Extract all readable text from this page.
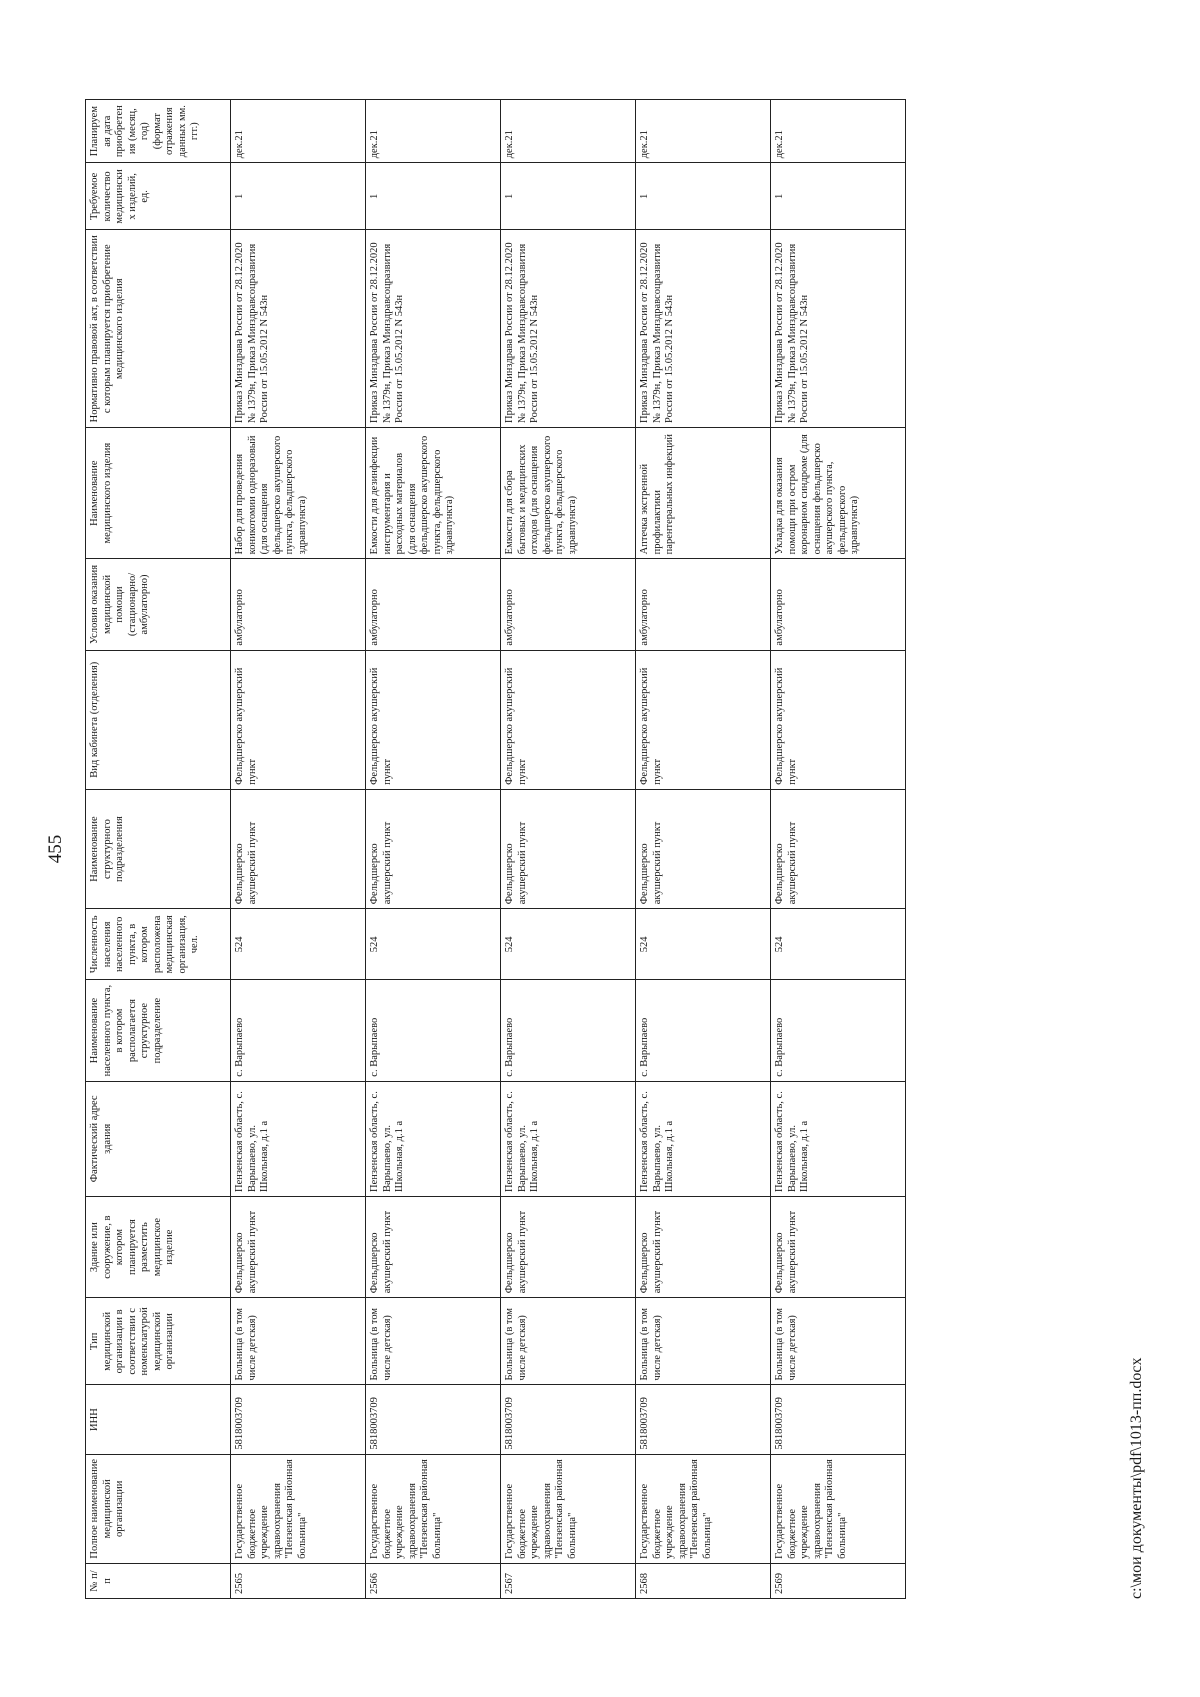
455
№ п/п	Полное наименование медицинской организации	ИНН	Тип медицинской организации в соответствии с номенклатурой медицинской организации	Здание или сооружение, в котором планируется разместить медицинское изделие	Фактический адрес здания	Наименование населенного пункта, в котором располагается структурное подразделение	Численность населения населенного пункта, в котором расположена медицинская организация, чел.	Наименование структурного подразделения	Вид кабинета (отделения)	Условия оказания медицинской помощи (стационарно/ амбулаторно)	Наименование медицинского изделия	Нормативно правовой акт, в соответствии с которым планируется приобретение медицинского изделия	Требуемое количество медицинских изделий, ед.	Планируемая дата приобретения (месяц, год) (формат отражения данных мм. ггг.)
2565	Государственное бюджетное учреждение здравоохранения "Пензенская районная больница"	5818003709	Больница (в том числе детская)	Фельдшерско акушерский пункт	Пензенская область, с. Варыпаево, ул. Школьная, д.1 а	с. Варыпаево	524	Фельдшерско акушерский пункт	Фельдшерско акушерский пункт	амбулаторно	Набор для проведения коникотомии одноразовый (для оснащения фельдшерско акушерского пункта, фельдшерского здравпункта)	Приказ Минздрава России от 28.12.2020 № 1379н, Приказ Минздравсоцразвития России от 15.05.2012 N 543н	1	дек.21
2566	Государственное бюджетное учреждение здравоохранения "Пензенская районная больница"	5818003709	Больница (в том числе детская)	Фельдшерско акушерский пункт	Пензенская область, с. Варыпаево, ул. Школьная, д.1 а	с. Варыпаево	524	Фельдшерско акушерский пункт	Фельдшерско акушерский пункт	амбулаторно	Емкости для дезинфекции инструментария и расходных материалов (для оснащения фельдшерско акушерского пункта, фельдшерского здравпункта)	Приказ Минздрава России от 28.12.2020 № 1379н, Приказ Минздравсоцразвития России от 15.05.2012 N 543н	1	дек.21
2567	Государственное бюджетное учреждение здравоохранения "Пензенская районная больница"	5818003709	Больница (в том числе детская)	Фельдшерско акушерский пункт	Пензенская область, с. Варыпаево, ул. Школьная, д.1 а	с. Варыпаево	524	Фельдшерско акушерский пункт	Фельдшерско акушерский пункт	амбулаторно	Емкости для сбора бытовых и медицинских отходов (для оснащения фельдшерско акушерского пункта, фельдшерского здравпункта)	Приказ Минздрава России от 28.12.2020 № 1379н, Приказ Минздравсоцразвития России от 15.05.2012 N 543н	1	дек.21
2568	Государственное бюджетное учреждение здравоохранения "Пензенская районная больница"	5818003709	Больница (в том числе детская)	Фельдшерско акушерский пункт	Пензенская область, с. Варыпаево, ул. Школьная, д.1 а	с. Варыпаево	524	Фельдшерско акушерский пункт	Фельдшерско акушерский пункт	амбулаторно	Аптечка экстренной профилактики парентеральных инфекций	Приказ Минздрава России от 28.12.2020 № 1379н, Приказ Минздравсоцразвития России от 15.05.2012 N 543н	1	дек.21
2569	Государственное бюджетное учреждение здравоохранения "Пензенская районная больница"	5818003709	Больница (в том числе детская)	Фельдшерско акушерский пункт	Пензенская область, с. Варыпаево, ул. Школьная, д.1 а	с. Варыпаево	524	Фельдшерско акушерский пункт	Фельдшерско акушерский пункт	амбулаторно	Укладка для оказания помощи при остром коронарном синдроме (для оснащения фельдшерско акушерского пункта, фельдшерского здравпункта)	Приказ Минздрава России от 28.12.2020 № 1379н, Приказ Минздравсоцразвития России от 15.05.2012 N 543н	1	дек.21
c:\мои документы\pdf\1013-пп.docx
